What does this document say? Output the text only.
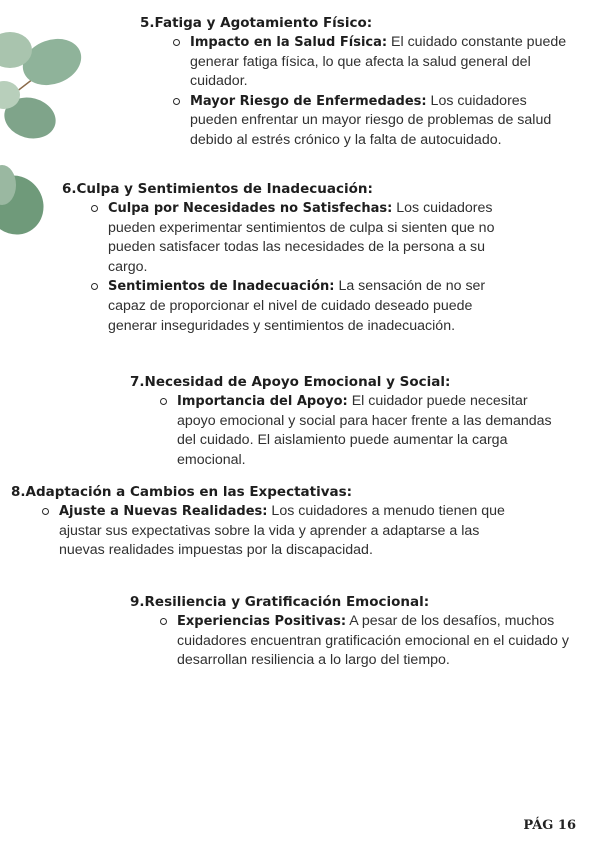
5.Fatiga y Agotamiento Físico:
Impacto en la Salud Física: El cuidado constante puede generar fatiga física, lo que afecta la salud general del cuidador.
Mayor Riesgo de Enfermedades: Los cuidadores pueden enfrentar un mayor riesgo de problemas de salud debido al estrés crónico y la falta de autocuidado.
6.Culpa y Sentimientos de Inadecuación:
Culpa por Necesidades no Satisfechas: Los cuidadores pueden experimentar sentimientos de culpa si sienten que no pueden satisfacer todas las necesidades de la persona a su cargo.
Sentimientos de Inadecuación: La sensación de no ser capaz de proporcionar el nivel de cuidado deseado puede generar inseguridades y sentimientos de inadecuación.
7.Necesidad de Apoyo Emocional y Social:
Importancia del Apoyo: El cuidador puede necesitar apoyo emocional y social para hacer frente a las demandas del cuidado. El aislamiento puede aumentar la carga emocional.
8.Adaptación a Cambios en las Expectativas:
Ajuste a Nuevas Realidades: Los cuidadores a menudo tienen que ajustar sus expectativas sobre la vida y aprender a adaptarse a las nuevas realidades impuestas por la discapacidad.
9.Resiliencia y Gratificación Emocional:
Experiencias Positivas: A pesar de los desafíos, muchos cuidadores encuentran gratificación emocional en el cuidado y desarrollan resiliencia a lo largo del tiempo.
PÁG 16
